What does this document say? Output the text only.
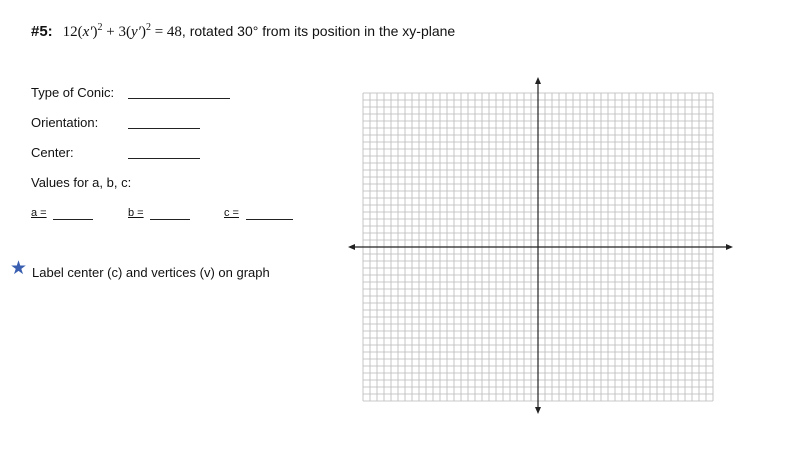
#5: $12(x')^2 + 3(y')^2 = 48$, rotated 30° from its position in the xy-plane
Type of Conic:
Orientation:
Center:
Values for a, b, c:
a =	b =	c =
★ Label center (c) and vertices (v) on graph
